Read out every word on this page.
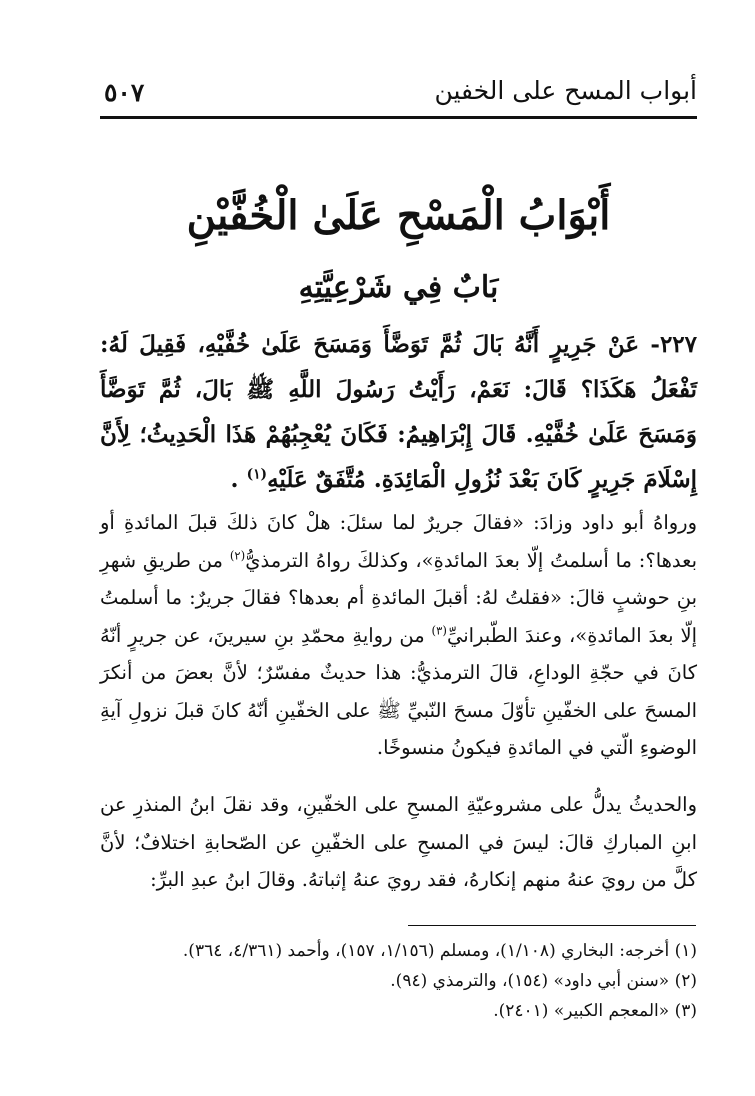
أبواب المسح على الخفين
٥٠٧
أَبْوَابُ الْمَسْحِ عَلَىٰ الْخُفَّيْنِ
بَابٌ فِي شَرْعِيَّتِهِ
٢٢٧- عَنْ جَرِيرٍ أَنَّهُ بَالَ ثُمَّ تَوَضَّأَ وَمَسَحَ عَلَىٰ خُفَّيْهِ، فَقِيلَ لَهُ: تَفْعَلُ هَكَذَا؟ قَالَ: نَعَمْ، رَأَيْتُ رَسُولَ اللَّهِ ﷺ بَالَ، ثُمَّ تَوَضَّأَ وَمَسَحَ عَلَىٰ خُفَّيْهِ. قَالَ إِبْرَاهِيمُ: فَكَانَ يُعْجِبُهُمْ هَذَا الْحَدِيثُ؛ لِأَنَّ إِسْلَامَ جَرِيرٍ كَانَ بَعْدَ نُزُولِ الْمَائِدَةِ. مُتَّفَقٌ عَلَيْهِ$^{(١)}$ .
ورواهُ أبو داود وزادَ: «فقالَ جريرٌ لما سئلَ: هلْ كانَ ذلكَ قبلَ المائدةِ أو بعدها؟: ما أسلمتُ إلّا بعدَ المائدةِ»، وكذلكَ رواهُ الترمذيُّ$^{(٢)}$ من طريقِ شهرِ بنِ حوشبٍ قالَ: «فقلتُ لهُ: أقبلَ المائدةِ أم بعدها؟ فقالَ جريرٌ: ما أسلمتُ إلّا بعدَ المائدةِ»، وعندَ الطّبرانيِّ$^{(٣)}$ من روايةِ محمّدِ بنِ سيرينَ، عن جريرٍ أنّهُ كانَ في حجّةِ الوداعِ، قالَ الترمذيُّ: هذا حديثٌ مفسّرٌ؛ لأنَّ بعضَ من أنكرَ المسحَ على الخفّينِ تأوّلَ مسحَ النّبيِّ ﷺ على الخفّينِ أنّهُ كانَ قبلَ نزولِ آيةِ الوضوءِ الّتي في المائدةِ فيكونُ منسوخًا.
والحديثُ يدلُّ على مشروعيّةِ المسحِ على الخفّينِ، وقد نقلَ ابنُ المنذرِ عن ابنِ المباركِ قالَ: ليسَ في المسحِ على الخفّينِ عن الصّحابةِ اختلافٌ؛ لأنَّ كلَّ من رويَ عنهُ منهم إنكارهُ، فقد رويَ عنهُ إثباتهُ. وقالَ ابنُ عبدِ البرِّ:
(١) أخرجه: البخاري (١/١٠٨)، ومسلم (١/١٥٦، ١٥٧)، وأحمد (٤/٣٦١، ٣٦٤).
(٢) «سنن أبي داود» (١٥٤)، والترمذي (٩٤).
(٣) «المعجم الكبير» (٢٤٠١).
